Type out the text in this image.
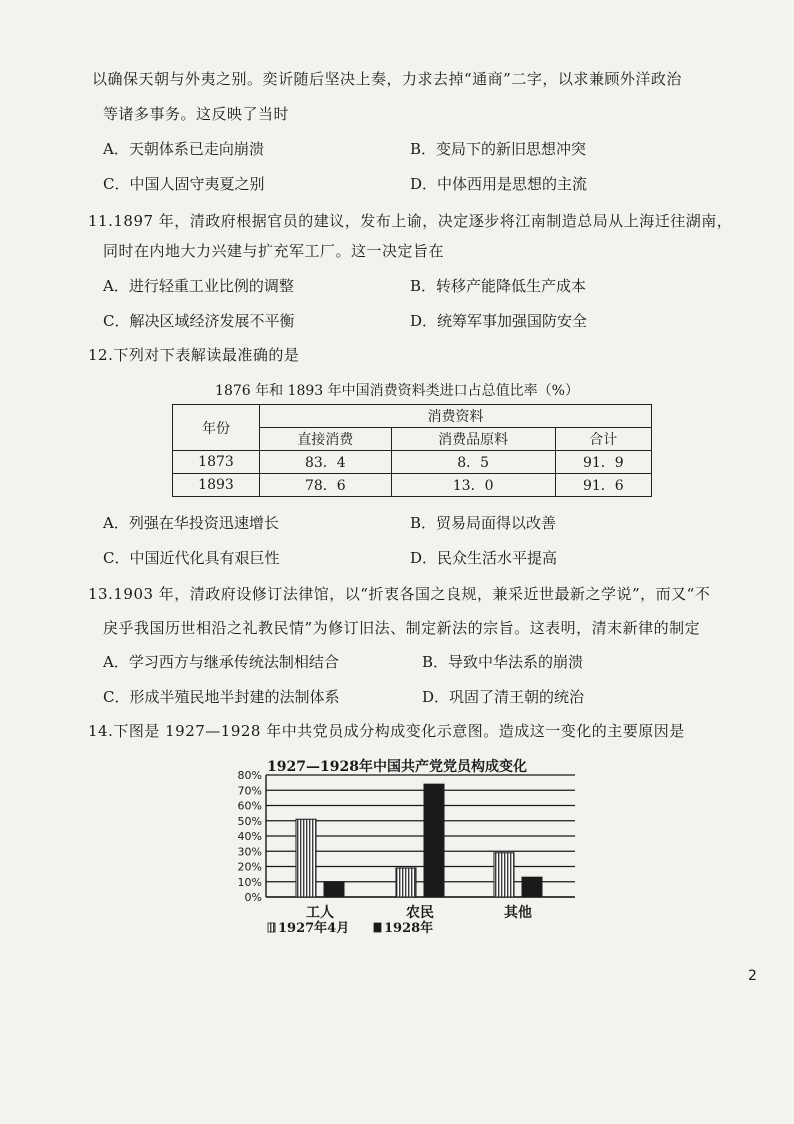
以确保天朝与外夷之别。奕䜣随后坚决上奏，力求去掉“通商”二字，以求兼顾外洋政治
等诸多事务。这反映了当时
A．天朝体系已走向崩溃	B．变局下的新旧思想冲突
C．中国人固守夷夏之别	D．中体西用是思想的主流
11.1897 年，清政府根据官员的建议，发布上谕，决定逐步将江南制造总局从上海迁往湖南，
同时在内地大力兴建与扩充军工厂。这一决定旨在
A．进行轻重工业比例的调整	B．转移产能降低生产成本
C．解决区域经济发展不平衡	D．统筹军事加强国防安全
12.下列对下表解读最准确的是
1876 年和 1893 年中国消费资料类进口占总值比率（%）
年份	消费资料		
	直接消费	消费品原料	合计
1873	83．4	8．5	91．9
1893	78．6	13．0	91．6
A．列强在华投资迅速增长	B．贸易局面得以改善
C．中国近代化具有艰巨性	D．民众生活水平提高
13.1903 年，清政府设修订法律馆，以“折衷各国之良规，兼采近世最新之学说”，而又“不
戾乎我国历世相沿之礼教民情”为修订旧法、制定新法的宗旨。这表明，清末新律的制定
A．学习西方与继承传统法制相结合	B．导致中华法系的崩溃
C．形成半殖民地半封建的法制体系	D．巩固了清王朝的统治
14.下图是 1927—1928 年中共党员成分构成变化示意图。造成这一变化的主要原因是
1927—1928年中国共产党党员构成变化
0%
10%
20%
30%
40%
50%
60%
70%
80%
工人	农民	其他
1927年4月	1928年
2
